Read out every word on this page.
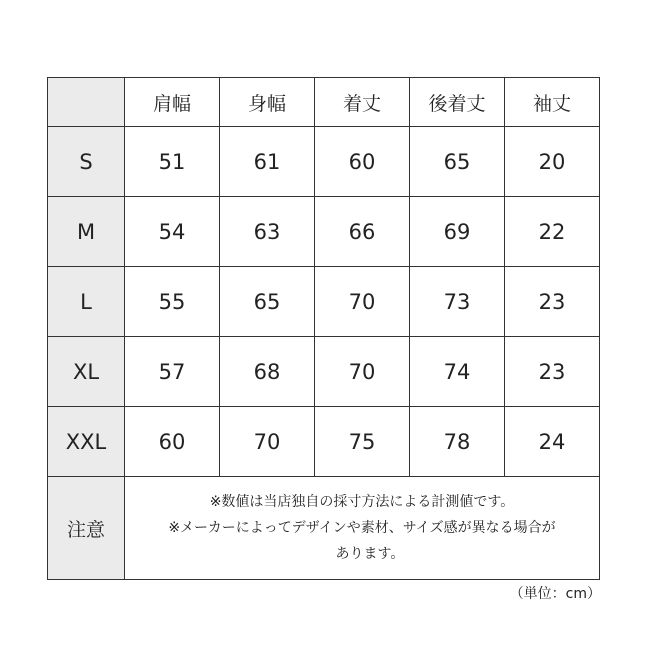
	肩幅	身幅	着丈	後着丈	袖丈
S	51	61	60	65	20
M	54	63	66	69	22
L	55	65	70	73	23
XL	57	68	70	74	23
XXL	60	70	75	78	24
注意	※数値は当店独自の採寸方法による計測値です。
※メーカーによってデザインや素材、サイズ感が異なる場合が
あります。				
（単位：cm）
